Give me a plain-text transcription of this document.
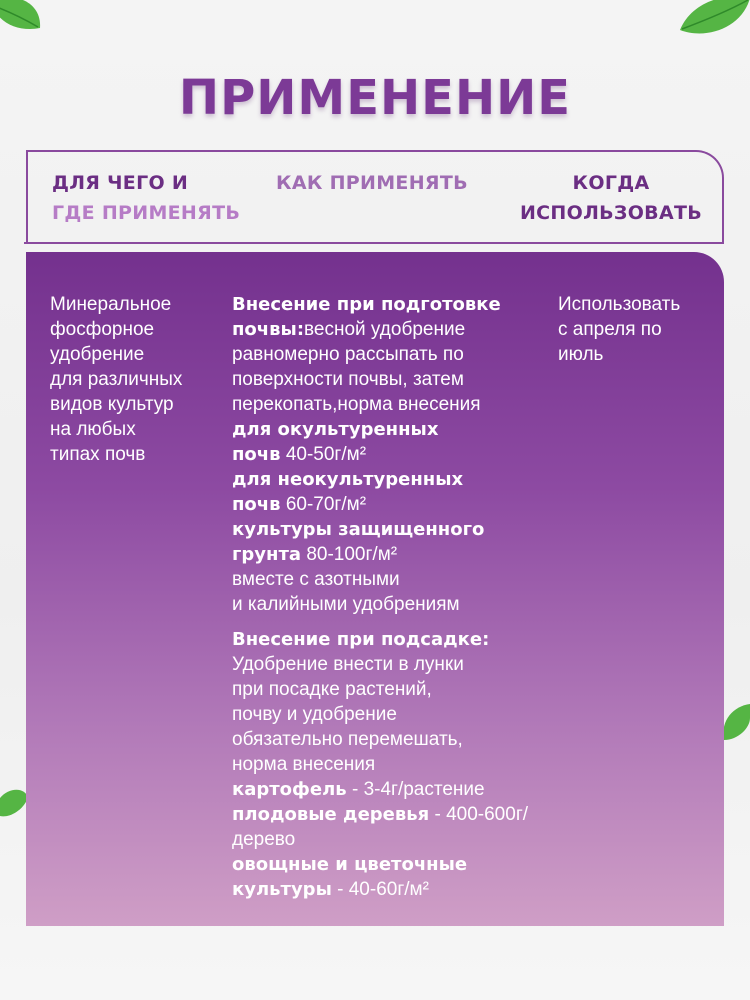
ПРИМЕНЕНИЕ
ДЛЯ ЧЕГО И
ГДЕ ПРИМЕНЯТЬ
КАК ПРИМЕНЯТЬ	КОГДА
ИСПОЛЬЗОВАТЬ
Минеральное
фосфорное
удобрение
для различных
видов культур
на любых
типах почв

Внесение при подготовке

почвы:весной удобрение

равномерно рассыпать по

поверхности почвы, затем

перекопать,норма внесения

для окультуренных

почв 40-50г/м²

для неокультуренных

почв 60-70г/м²

культуры защищенного

грунта 80-100г/м²

вместе с азотными

и калийными удобрениям

Внесение при подсадке:

Удобрение внести в лунки

при посадке растений,

почву и удобрение

обязательно перемешать,

норма внесения

картофель - 3-4г/растение

плодовые деревья - 400-600г/

дерево

овощные и цветочные

культуры - 40-60г/м²

Использовать
с апреля по
июль
